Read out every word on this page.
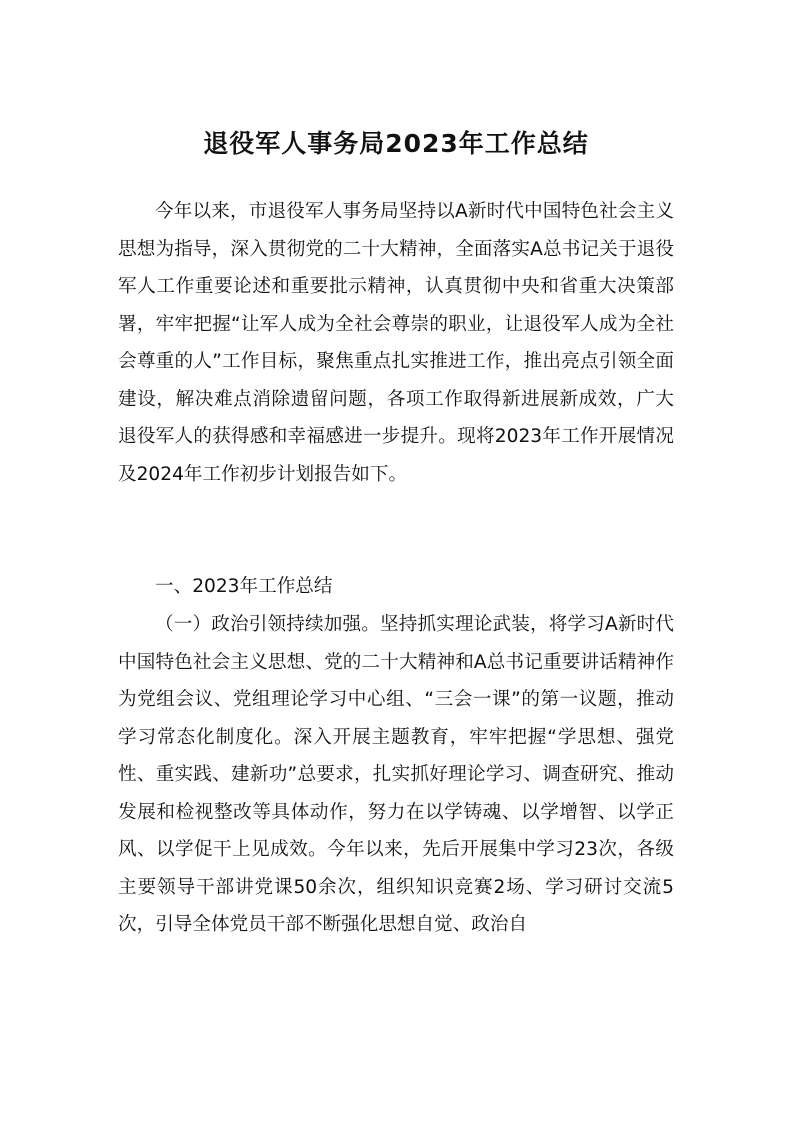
退役军人事务局2023年工作总结

今年以来，市退役军人事务局坚持以A新时代中国特色社会主义思想为指导，深入贯彻党的二十大精神，全面落实A总书记关于退役军人工作重要论述和重要批示精神，认真贯彻中央和省重大决策部署，牢牢把握“让军人成为全社会尊崇的职业，让退役军人成为全社会尊重的人”工作目标，聚焦重点扎实推进工作，推出亮点引领全面建设，解决难点消除遗留问题，各项工作取得新进展新成效，广大退役军人的获得感和幸福感进一步提升。现将2023年工作开展情况及2024年工作初步计划报告如下。

一、2023年工作总结

（一）政治引领持续加强。坚持抓实理论武装，将学习A新时代中国特色社会主义思想、党的二十大精神和A总书记重要讲话精神作为党组会议、党组理论学习中心组、“三会一课”的第一议题，推动学习常态化制度化。深入开展主题教育，牢牢把握“学思想、强党性、重实践、建新功”总要求，扎实抓好理论学习、调查研究、推动发展和检视整改等具体动作，努力在以学铸魂、以学增智、以学正风、以学促干上见成效。今年以来，先后开展集中学习23次，各级主要领导干部讲党课50余次，组织知识竞赛2场、学习研讨交流5次，引导全体党员干部不断强化思想自觉、政治自
